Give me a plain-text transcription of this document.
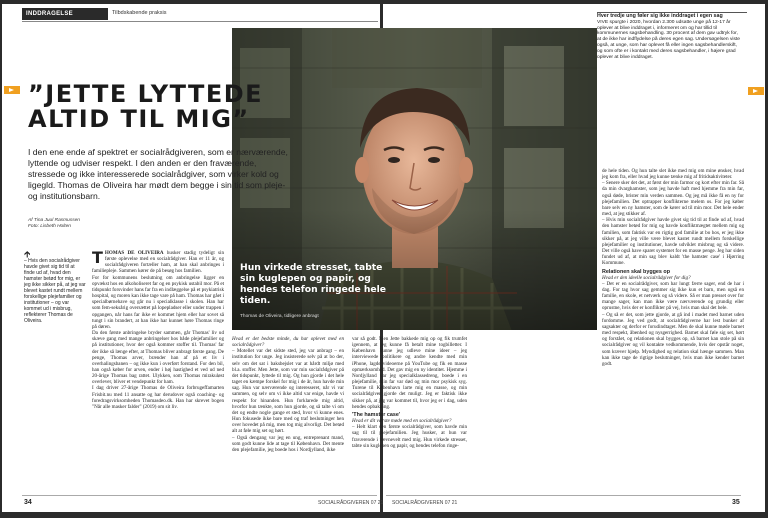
INDDRAGELSE	Tilbdskabende praksis
Hun virkede stresset, tabte sin kuglepen og papir, og hendes telefon ringede hele tiden.
Thomas de Oliveira, tidligere anbragt
”JETTE LYTTEDE ALTID TIL MIG”
I den ene ende af spektret er socialrådgiveren, som er nærværende, lyttende og udviser respekt. I den anden er den fraværende, stressede og ikke interesserede socialrådgiver, som virker kold og ligegld. Thomas de Oliveira har mødt dem begge i sin tid som pleje- og institutionsbarn.
Af Tina Juul Rasmussen
Foto: Lisbeth Holten
THOMAS DE OLIVEIRA husker stadig tydeligt sin første oplevelse med en socialrådgiver. Han er 11 år, og socialrådgiveren fortæller ham, at han skal anbringes i familiepleje. Sammen kører de på besøg hos familien.
For for kommunens beslutning om anbringelse ligger en opvækst hos en alkoholiseret far og en psykisk ustabil mor. På et tidspunkt forsvinder hans far fra en indlæggelse på et psykiatrisk hospital, og moren kan ikke tage vare på ham. Thomas har gået i specialbørnehave og går nu i specialklasse i skolen. Han har som fem-seksårig oversættet på lopepladser eller under trappen i opgangen, når hans far ikke er kommet hjem eller har sovet så tungt i sin brandert, at han ikke har kunnet høre Thomas ringe på døren.
Da den første anbringelse bryder sammen, går Thomas' liv ud skæve gang med mange anbringelser hos både plejefamilier og på institutioner, hvor der også kommer stoffer til. Thomas' far der ikke så længe efter, at Thomas bliver anbragt første gang. De penge, Thomas arver, brænder han af på et liv i overhalingsbanen – og ikke kun i overført forstand. For den bil, han også køber for arven, ender i høj hastighed et ved ud ned 20-årige Thomas bag rattet. Ulykken, som Thomas mirakuløst overlever, bliver et vendepunkt for ham.
I dag driver 27-årige Thomas de Oliveira forbrugeffamarten Frisbit.nu med 11 ansatte og har derudover også coaching- og foredragsvirksomheden Thomasdeo.dk. Han har skrevet bogen "Når alle masker falder" (2019) om sit liv.
🡱
– Hvis den socialrådgiver havde givet sig tid til at finde ud af, hvad den hamster betød for mig, er jeg ikke sikker på, at jeg var blevet kastet rundt mellem forskellige plejefamilier og institutioner – og var kommet ud i misbrug, reflekterer Thomas de Oliveira.

Hvad er det bedste minde, du har oplevet med en socialrådgiver?

– Motellet var det sidste sted, jeg var anbragt – en institution for unge. Jeg insisterede selv på at bo der, selv om det sat i baksbejslet var at hårdt miljø med bl.a. stoffer. Men Jette, som var min socialrådgiver på det tidspunkt, lyttede til mig. Og hun gjorde i det hele taget en kæmpe forskel for mig i de år, hun havde min sag. Hun var nærværende og interesseret, når vi var sammen, og selv om vi ikke altid var enige, havde vi respekt for hinanden. Hun forklarede mig altid, hvorfor hun tænkte, som hun gjorde, og så talte vi om det og endte nogle gange et sted, hvor vi kunne enes. Hun fokusede ikke bare med og traf beslutninger hen over hovedet på mig, men tog mig alvorligt. Det betød alt at føle mig set og hørt.
– Også dengang var jeg en ung, entreprenant mand, som godt kunne lide at tage til København. Det mente den plejefamilie, jeg boede hos i Nordjylland, ikke

var så godt. Men Jette bakkede mig op og fik trumfet igennem, at jeg kunne få betalt mine togbilletter. I København kunne jeg udleve mine ideer – jeg interviewede politikere og andre kendte med min iPhone, lagde videoerne på YouTube og fik en masse opmærksomhed. Det gav mig en ny identitet. Hjemme i Nordjylland var jeg specialklassedreng, boede i en plejefamilie, min far var død og min mor psykisk syg. Turene til København larte mig en masse, og min socialrådgiver gjorde det muligt. Jeg er faktisk ikke sikker på, at jeg var kommet til, hvor jeg er i dag, uden hendes opbakning.

'The hamster case'

Hvad er dit værste møde med en socialrådgiver?

– Helt klart den første socialrådgiver, som havde min sag til til plejefamilien. Jeg husker, at hun var fraværende i nævnevelt med mig. Hun virkede stresset, tabte sin kuglepen og papir, og hendes telefon ringe-

de hele tiden. Og hun talte slet ikke med mig om mine ønsker, hvad jeg kom fra, eller hvad jeg kunne tænke mig af fritidsaktiviteter.
– Senere sker det det, at først der min farmor og kort efter min far. Så da min dvarghamster, som jeg havde haft med hjemme fra min far, også døde, brister min verden sammen. Og jeg må ikke få en ny for plejefamilien. Det optrapper konflikterne melem os. For jeg køber bare selv en ny hamster, som de kører ud til min mor. Det hele ender med, at jeg stikker af.
– Hvis min socialrådgiver havde givet sig tid til at finde ud af, hvad den hamster betød for mig og havde konfliktmægtet mellem mig og familien, som faktisk var en rigtig god familie at bo hos, er jeg ikke sikker på, at jeg ville være blevet kastet rundt mellem forskellige plejefamilier og institutioner, havde udviklet misbrug og så videre. Det ville også have sparet systemet for en masse penge. Jeg har siden fundet ud af, at min sag blev kaldt 'the hamster case' i Hjørring Kommune.

Relationen skal bygges op

Hvad er den ideelle socialrådgiver for dig?

– Det er en socialrådgiver, som har lungt færre sager, end de har i dag. For tag hvor sag gemmer sig ikke kun et barn, men også en familie, en skole, et netværk og så videre. Så er man presset over for mange sager, kan man ikke være nærværende og grundig eller oprustne, hvis der er konflikter på vej, hvis man skal det hele.
– Og så er det, som jette gjorde, at gå ind i madet med barnet uden fordomme. Jeg ved godt, at socialrådgiverne har lest bunker af sagsakter og derfor er forudindtaget. Men de skal kunne møde barnet med respekt, åbenhed og nysgerrighed. Barnet skal føle sig set, hørt og forstået, og relationen skal bygges op, så barnet kan stole på sin socialrådgiver og vil kontakte vedkommende, hvis der opstår noget, som kræver hjælp. Myndighed og relation skal hænge sammen. Man kan ikke tage de rigtige beslutninger, hvis man ikke kender barnet godt.

Hver tredje ung føler sig ikke inddraget i egen sag
VIVE spurgte i 2020, hvordan 2.300 udsatte unge på 12-17 år oplever at blive inddraget i, informeret om og har tillid til kommunernes sagsbehandling. 30 procent af dem gav udtryk for, at de ikke har indflydelse på deres egen sag. Undersøgelsen viste også, at unge, som har oplevet få eller ingen sagsbehandlerskift, og som ofte er i kontakt med deres sagsbehandler, i højere grad oplever at blive inddraget.
34	SOCIALRÅDGIVEREN 07 21 SOCIALRÅDGIVEREN 07 21	35
